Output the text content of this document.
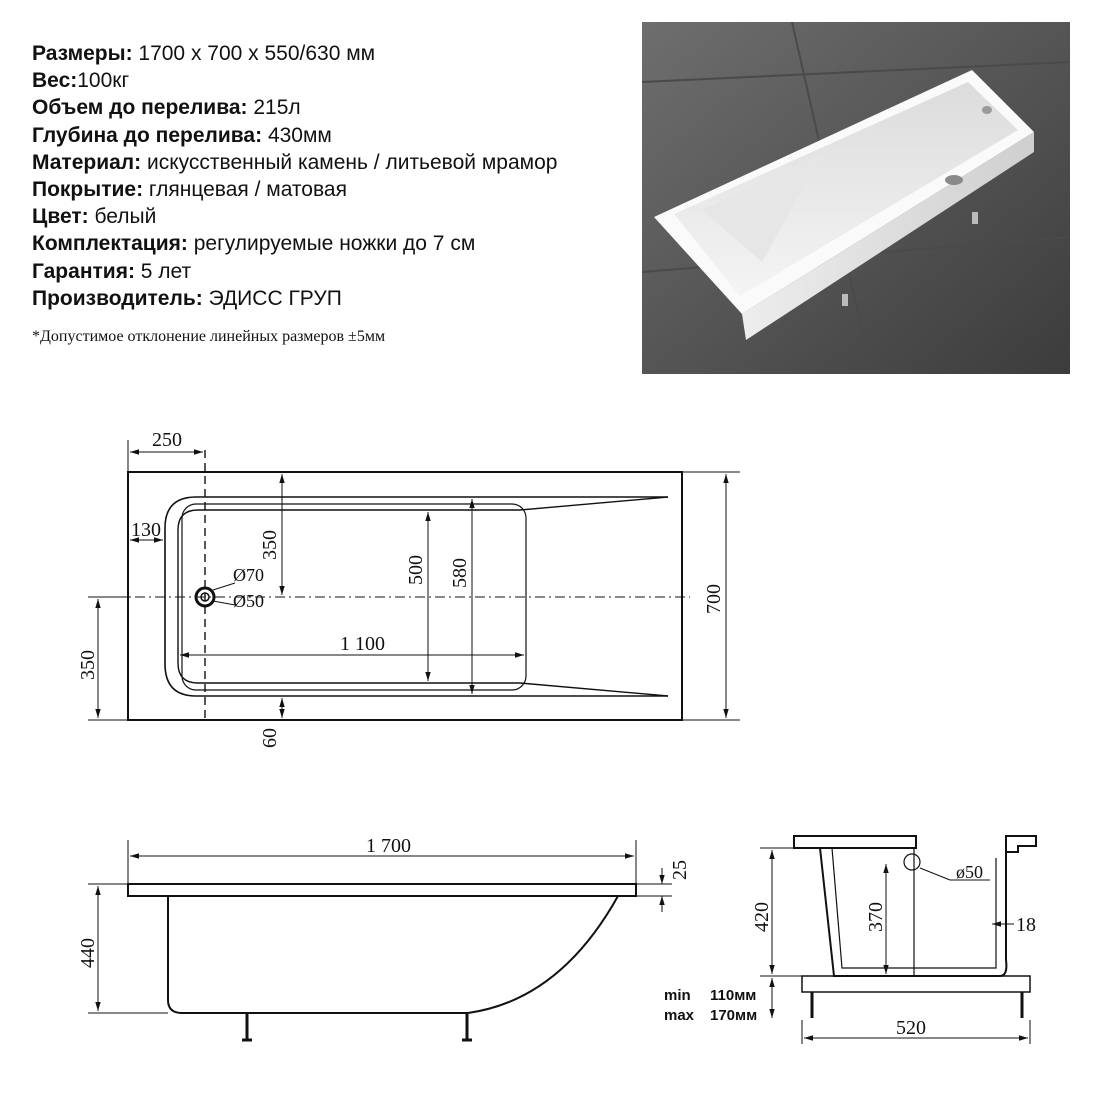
Размеры: 1700 х 700 х 550/630 мм
Вес:100кг
Объем до перелива: 215л
Глубина до перелива: 430мм
Материал: искусственный камень / литьевой мрамор
Покрытие: глянцевая / матовая
Цвет: белый
Комплектация: регулируемые ножки до 7 см
Гарантия: 5 лет
Производитель: ЭДИСС ГРУП
*Допустимое отклонение линейных размеров ±5мм
250
130	350
500 580
Ø70
Ø50
1 100
350
60
700
1 700
25
440
420	370
ø50
18
min 110мм
max 170мм
520
